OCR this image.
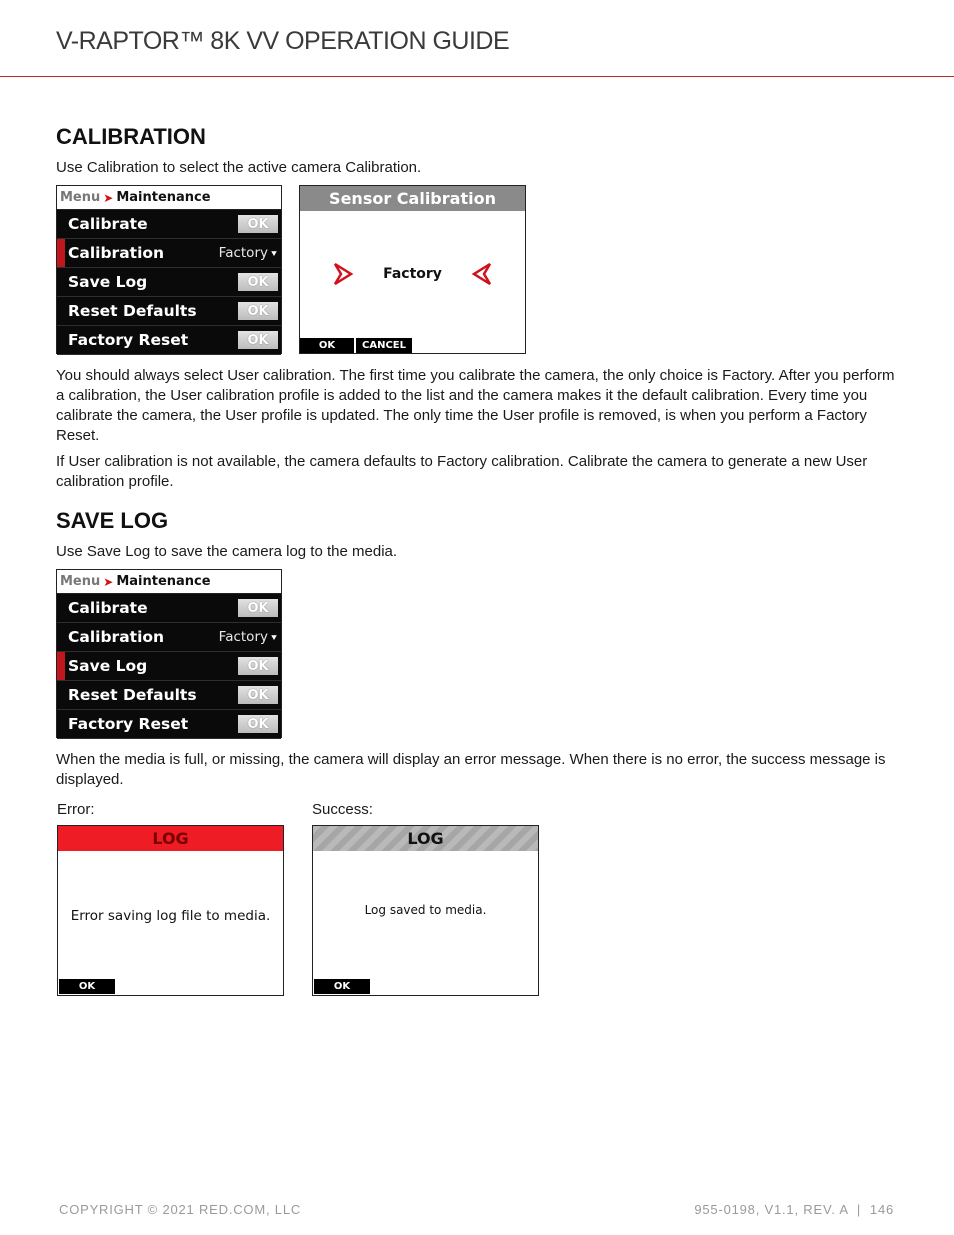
V-RAPTOR™ 8K VV OPERATION GUIDE
CALIBRATION

Use Calibration to select the active camera Calibration.

Menu ➤ Maintenance
Calibrate	OK
Calibration	Factory ⯆
Save Log	OK
Reset Defaults	OK
Factory Reset	OK
Sensor Calibration
Factory
OK	CANCEL

You should always select User calibration. The first time you calibrate the camera, the only choice is Factory. After you perform a calibration, the User calibration profile is added to the list and the camera makes it the default calibration. Every time you calibrate the camera, the User profile is updated. The only time the User profile is removed, is when you perform a Factory Reset.

If User calibration is not available, the camera defaults to Factory calibration. Calibrate the camera to generate a new User calibration profile.

SAVE LOG

Use Save Log to save the camera log to the media.

Menu ➤ Maintenance
Calibrate	OK
Calibration	Factory ⯆
Save Log	OK
Reset Defaults	OK
Factory Reset	OK

When the media is full, or missing, the camera will display an error message. When there is no error, the success message is displayed.

Error:	Success:
LOG
Error saving log file to media.
OK
LOG
Log saved to media.
OK
COPYRIGHT © 2021 RED.COM, LLC	955-0198, V1.1, REV. A  |  146
